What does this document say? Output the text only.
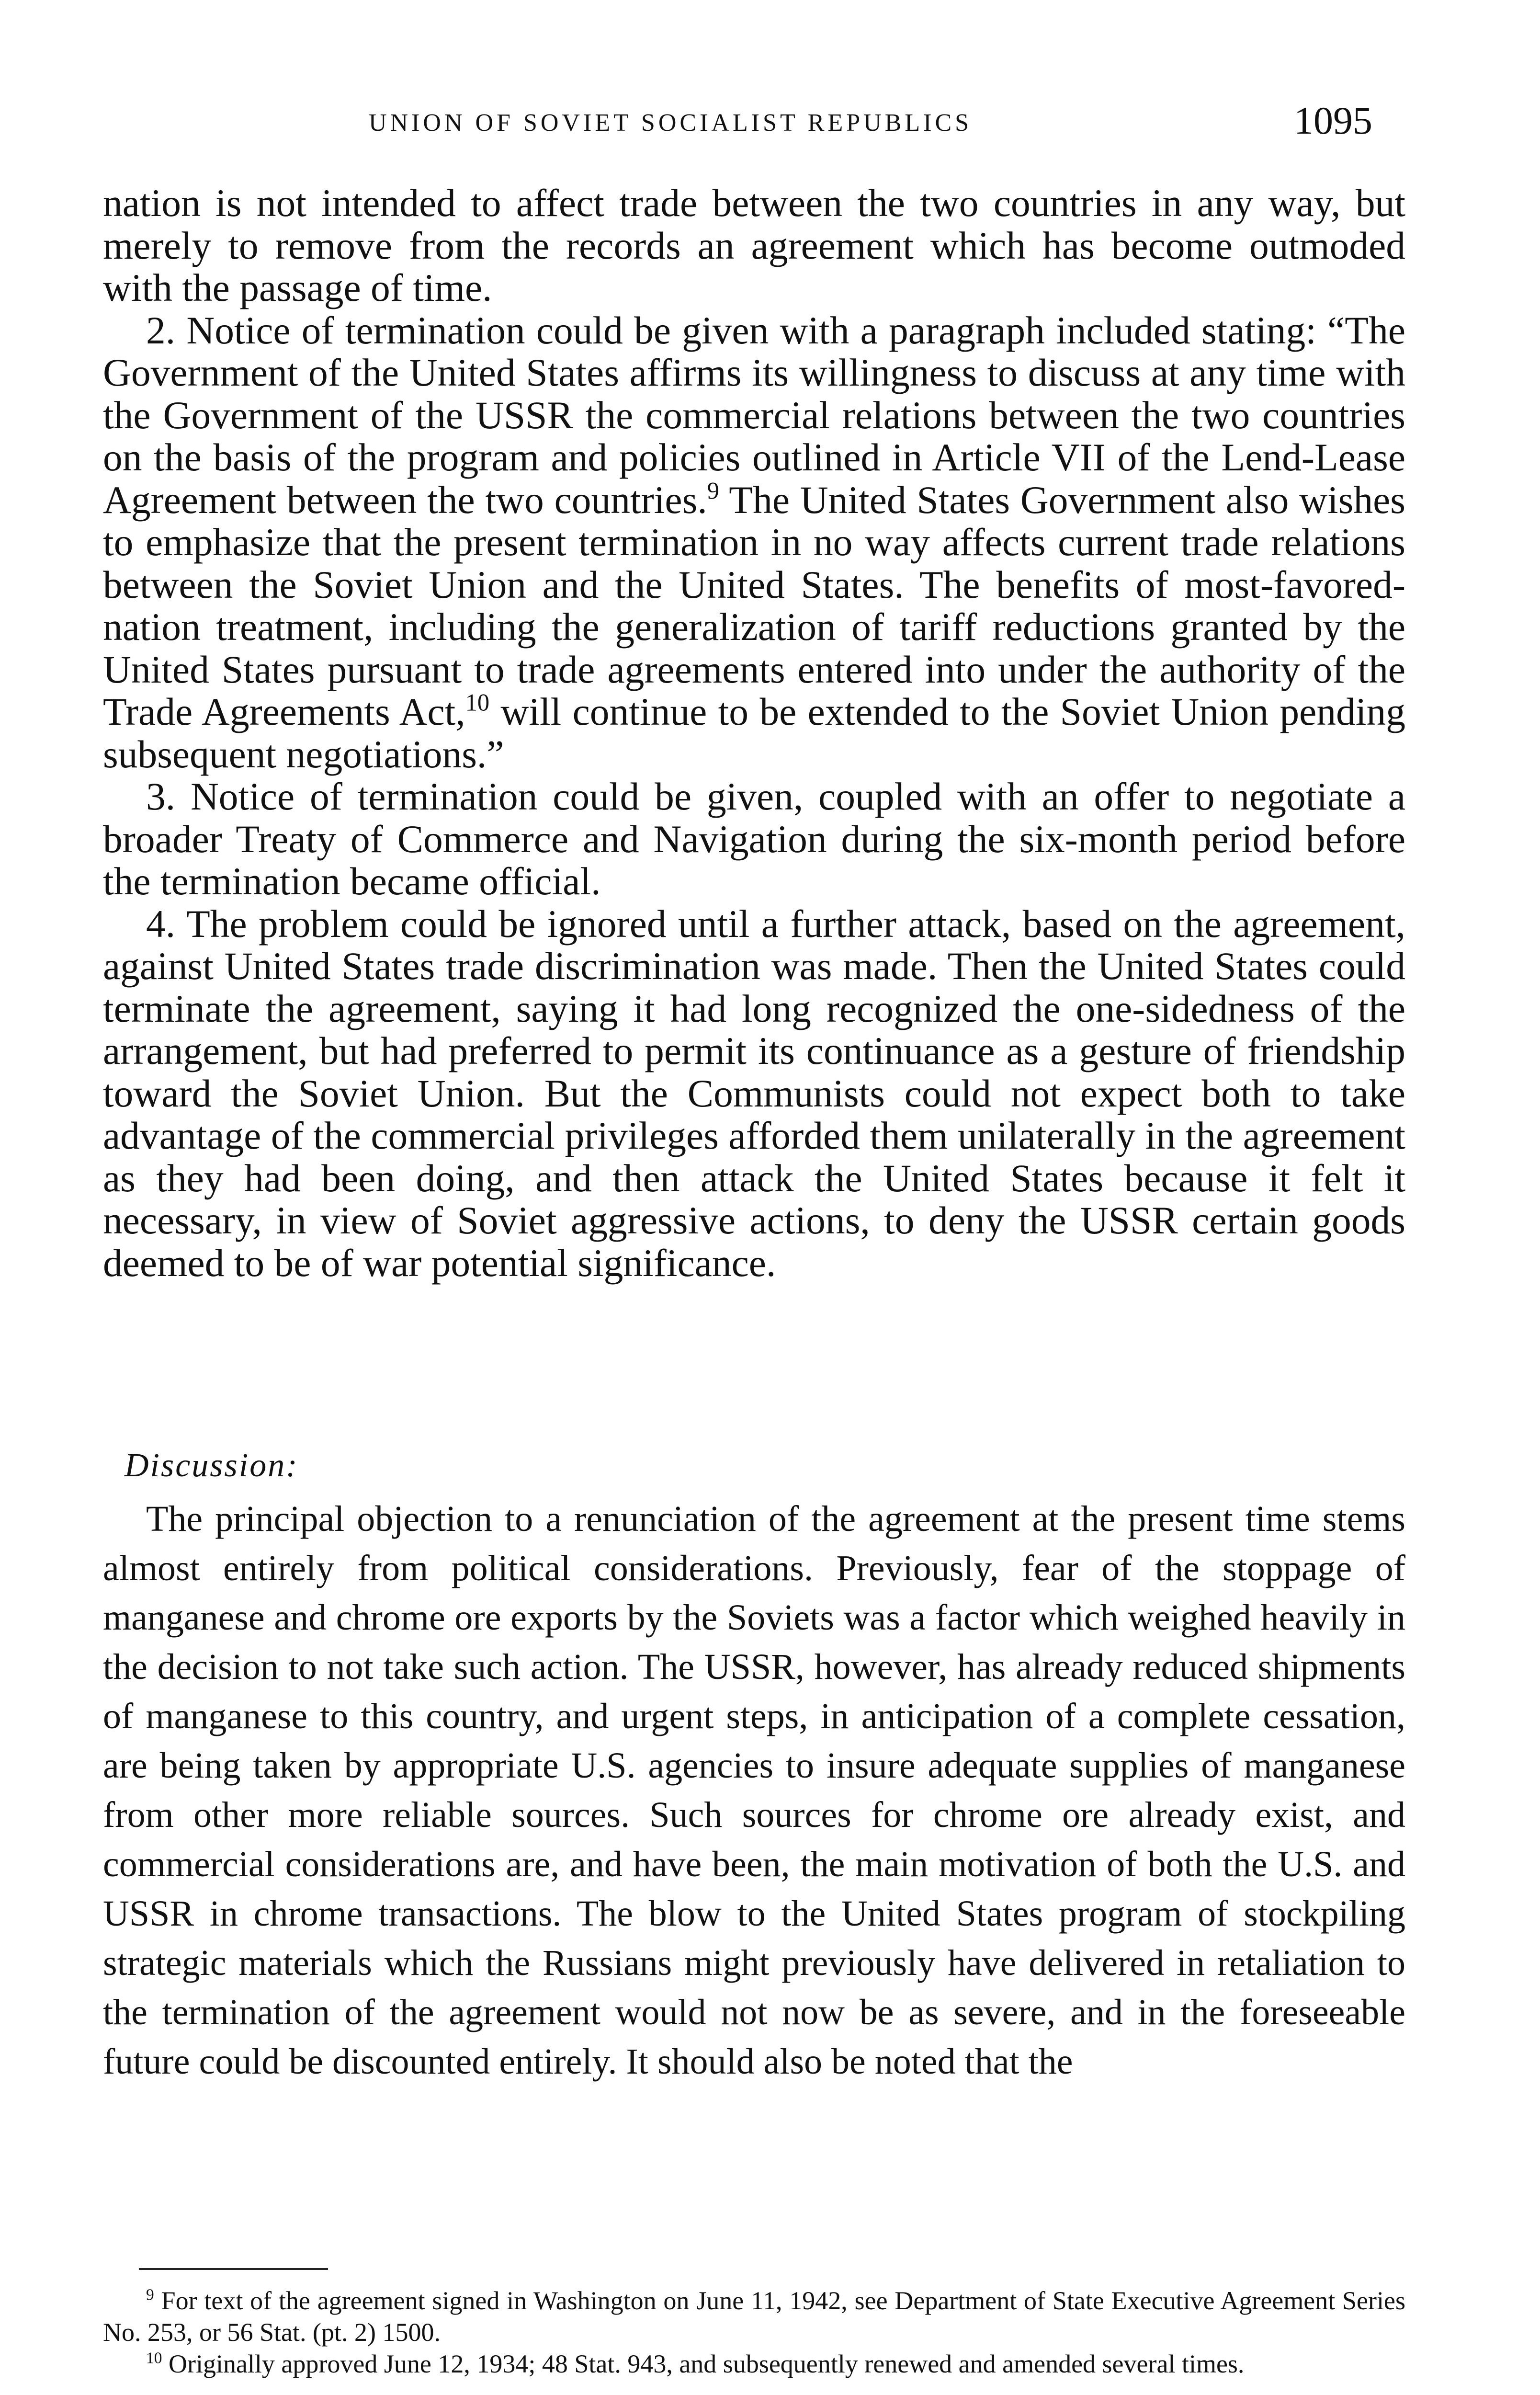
UNION OF SOVIET SOCIALIST REPUBLICS	1095

nation is not intended to affect trade between the two countries in any way, but merely to remove from the records an agreement which has become outmoded with the passage of time.

2. Notice of termination could be given with a paragraph included stating: “The Government of the United States affirms its willingness to discuss at any time with the Government of the USSR the commercial relations between the two countries on the basis of the program and policies outlined in Article VII of the Lend-Lease Agreement between the two countries.$^9$ The United States Government also wishes to emphasize that the present termination in no way affects current trade relations between the Soviet Union and the United States. The benefits of most-favored-nation treatment, including the generalization of tariff reductions granted by the United States pursuant to trade agreements entered into under the authority of the Trade Agreements Act,$^{10}$ will continue to be extended to the Soviet Union pending subsequent negotiations.”

3. Notice of termination could be given, coupled with an offer to negotiate a broader Treaty of Commerce and Navigation during the six-month period before the termination became official.

4. The problem could be ignored until a further attack, based on the agreement, against United States trade discrimination was made. Then the United States could terminate the agreement, saying it had long recognized the one-sidedness of the arrangement, but had preferred to permit its continuance as a gesture of friendship toward the Soviet Union. But the Communists could not expect both to take advantage of the commercial privileges afforded them unilaterally in the agreement as they had been doing, and then attack the United States because it felt it necessary, in view of Soviet aggressive actions, to deny the USSR certain goods deemed to be of war potential significance.

Discussion:

The principal objection to a renunciation of the agreement at the present time stems almost entirely from political considerations. Previously, fear of the stoppage of manganese and chrome ore exports by the Soviets was a factor which weighed heavily in the decision to not take such action. The USSR, however, has already reduced shipments of manganese to this country, and urgent steps, in anticipation of a complete cessation, are being taken by appropriate U.S. agencies to insure adequate supplies of manganese from other more reliable sources. Such sources for chrome ore already exist, and commercial considerations are, and have been, the main motivation of both the U.S. and USSR in chrome transactions. The blow to the United States program of stockpiling strategic materials which the Russians might previously have delivered in retaliation to the termination of the agreement would not now be as severe, and in the foreseeable future could be discounted entirely. It should also be noted that the

$^9$ For text of the agreement signed in Washington on June 11, 1942, see Department of State Executive Agreement Series No. 253, or 56 Stat. (pt. 2) 1500.

$^{10}$ Originally approved June 12, 1934; 48 Stat. 943, and subsequently renewed and amended several times.
